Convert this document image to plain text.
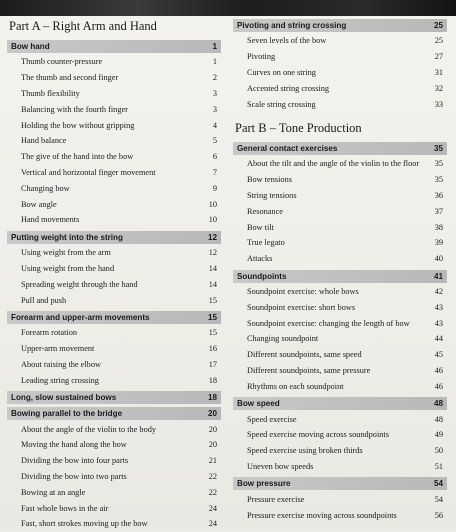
Part A – Right Arm and Hand
Bow hand	1
Thumb counter-pressure	1
The thumb and second finger	2
Thumb flexibility	3
Balancing with the fourth finger	3
Holding the bow without gripping	4
Hand balance	5
The give of the hand into the bow	6
Vertical and horizontal finger movement	7
Changing bow	9
Bow angle	10
Hand movements	10
Putting weight into the string	12
Using weight from the arm	12
Using weight from the hand	14
Spreading weight through the hand	14
Pull and push	15
Forearm and upper-arm movements	15
Forearm rotation	15
Upper-arm movement	16
About raising the elbow	17
Leading string crossing	18
Long, slow sustained bows	18
Bowing parallel to the bridge	20
About the angle of the violin to the body	20
Moving the hand along the bow	20
Dividing the bow into four parts	21
Dividing the bow into two parts	22
Bowing at an angle	22
Fast whole bows in the air	24
Fast, short strokes moving up the bow	24
Pivoting and string crossing	25
Seven levels of the bow	25
Pivoting	27
Curves on one string	31
Accented string crossing	32
Scale string crossing	33
Part B – Tone Production
General contact exercises	35
About the tilt and the angle of the violin to the floor	35
Bow tensions	35
String tensions	36
Resonance	37
Bow tilt	38
True legato	39
Attacks	40
Soundpoints	41
Soundpoint exercise: whole bows	42
Soundpoint exercise: short bows	43
Soundpoint exercise: changing the length of bow	43
Changing soundpoint	44
Different soundpoints, same speed	45
Different soundpoints, same pressure	46
Rhythms on each soundpoint	46
Bow speed	48
Speed exercise	48
Speed exercise moving across soundpoints	49
Speed exercise using broken thirds	50
Uneven bow speeds	51
Bow pressure	54
Pressure exercise	54
Pressure exercise moving across soundpoints	56
